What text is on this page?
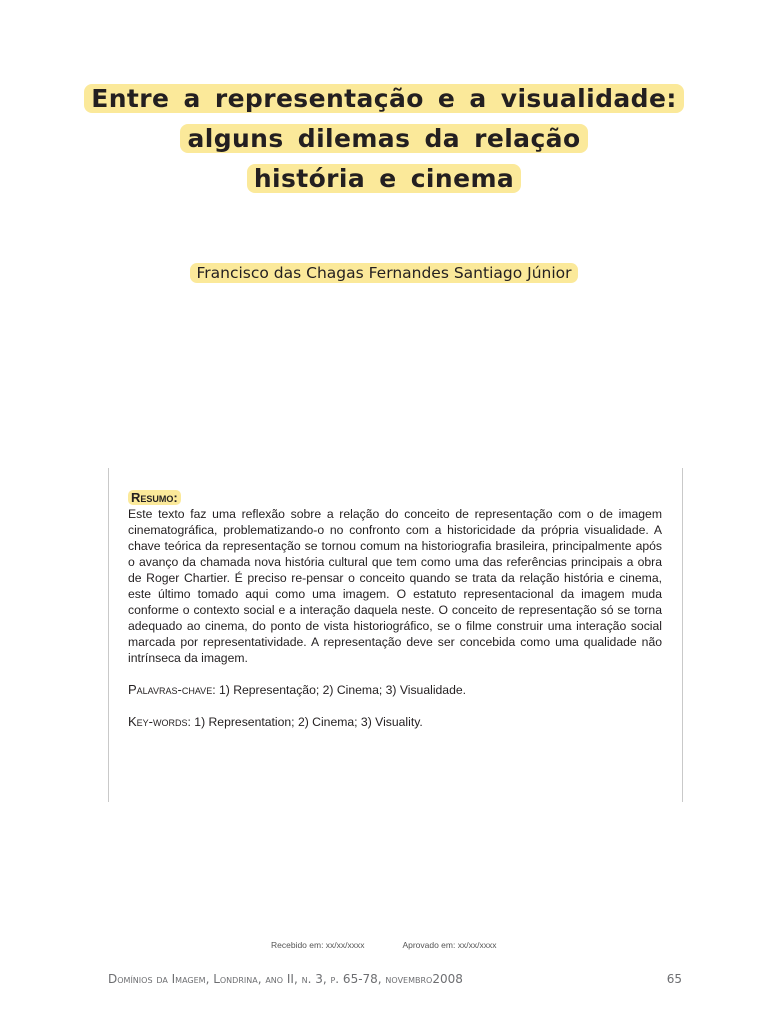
Entre a representação e a visualidade:
alguns dilemas da relação
história e cinema
Francisco das Chagas Fernandes Santiago Júnior
Resumo:

Este texto faz uma reflexão sobre a relação do conceito de representação com o de imagem cinematográfica, problematizando-o no confronto com a historicidade da própria visualidade. A chave teórica da representação se tornou comum na historiografia brasileira, principalmente após o avanço da chamada nova história cultural que tem como uma das referências principais a obra de Roger Chartier. É preciso re-pensar o conceito quando se trata da relação história e cinema, este último tomado aqui como uma imagem. O estatuto representacional da imagem muda conforme o contexto social e a interação daquela neste. O conceito de representação só se torna adequado ao cinema, do ponto de vista historiográfico, se o filme construir uma interação social marcada por representatividade. A representação deve ser concebida como uma qualidade não intrínseca da imagem.

Palavras-chave: 1) Representação; 2) Cinema; 3) Visualidade.

Key-words: 1) Representation; 2) Cinema; 3) Visuality.

Recebido em: xx/xx/xxxx	Aprovado em: xx/xx/xxxx
Domínios da Imagem, Londrina, ano II, n. 3, p. 65-78, novembro2008	65
